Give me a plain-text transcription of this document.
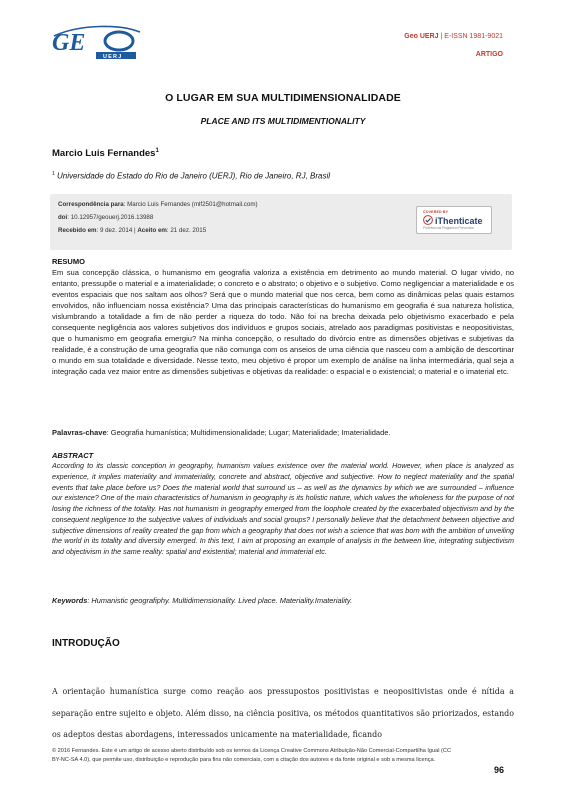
GE
UERJ
Geo UERJ | E-ISSN 1981-9021
ARTIGO
O LUGAR EM SUA MULTIDIMENSIONALIDADE
PLACE AND ITS MULTIDIMENTIONALITY
Marcio Luis Fernandes$^1$
$^1$ Universidade do Estado do Rio de Janeiro (UERJ), Rio de Janeiro, RJ, Brasil
Correspondência para: Marcio Luis Fernandes (mlf2501@hotmail.com)
doi: 10.12957/geouerj.2016.13988
Recebido em: 9 dez. 2014 | Aceito em: 21 dez. 2015
COVERED BY
iThenticate
Professional Plagiarism Prevention
RESUMO
Em sua concepção clássica, o humanismo em geografia valoriza a existência em detrimento ao mundo material. O lugar vivido, no entanto, pressupõe o material e a imaterialidade; o concreto e o abstrato; o objetivo e o subjetivo. Como negligenciar a materialidade e os eventos espaciais que nos saltam aos olhos? Será que o mundo material que nos cerca, bem como as dinâmicas pelas quais estamos envolvidos, não influenciam nossa existência? Uma das principais características do humanismo em geografia é sua natureza holística, vislumbrando a totalidade a fim de não perder a riqueza do todo. Não foi na brecha deixada pelo objetivismo exacerbado e pela consequente negligência aos valores subjetivos dos indivíduos e grupos sociais, atrelado aos paradigmas positivistas e neopositivistas, que o humanismo em geografia emergiu? Na minha concepção, o resultado do divórcio entre as dimensões objetivas e subjetivas da realidade, é a construção de uma geografia que não comunga com os anseios de uma ciência que nasceu com a ambição de descortinar o mundo em sua totalidade e diversidade. Nesse texto, meu objetivo é propor um exemplo de análise na linha intermediária, qual seja a integração cada vez maior entre as dimensões subjetivas e objetivas da realidade: o espacial e o existencial; o material e o imaterial etc.
Palavras-chave: Geografia humanística; Multidimensionalidade; Lugar; Materialidade; Imaterialidade.
ABSTRACT
According to its classic conception in geography, humanism values existence over the material world. However, when place is analyzed as experience, it implies materiality and immateriality, concrete and abstract, objective and subjective. How to neglect materiality and the spatial events that take place before us? Does the material world that surround us – as well as the dynamics by which we are surrounded – influence our existence? One of the main characteristics of humanism in geography is its holistic nature, which values the wholeness for the purpose of not losing the richness of the totality. Has not humanism in geography emerged from the loophole created by the exacerbated objectivism and by the consequent negligence to the subjective values of individuals and social groups? I personally believe that the detachment between objective and subjective dimensions of reality created the gap from which a geography that does not wish a science that was born with the ambition of unveiling the world in its totality and diversity emerged. In this text, I aim at proposing an example of analysis in the between line, integrating subjectivism and objectivism in the same reality: spatial and existential; material and immaterial etc.
Keywords: Humanistic geografiphy. Multidimensionality. Lived place. Materiality.Imateriality.
INTRODUÇÃO
A orientação humanística surge como reação aos pressupostos positivistas e neopositivistas onde é nítida a separação entre sujeito e objeto. Além disso, na ciência positiva, os métodos quantitativos são priorizados, estando os adeptos destas abordagens, interessados unicamente na materialidade, ficando
© 2016 Fernandes. Este é um artigo de acesso aberto distribuído sob os termos da Licença Creative Commons Atribuição-Não Comercial-Compartilha Igual (CC BY-NC-SA 4.0), que permite uso, distribuição e reprodução para fins não comerciais, com a citação dos autores e da fonte original e sob a mesma licença.
96
